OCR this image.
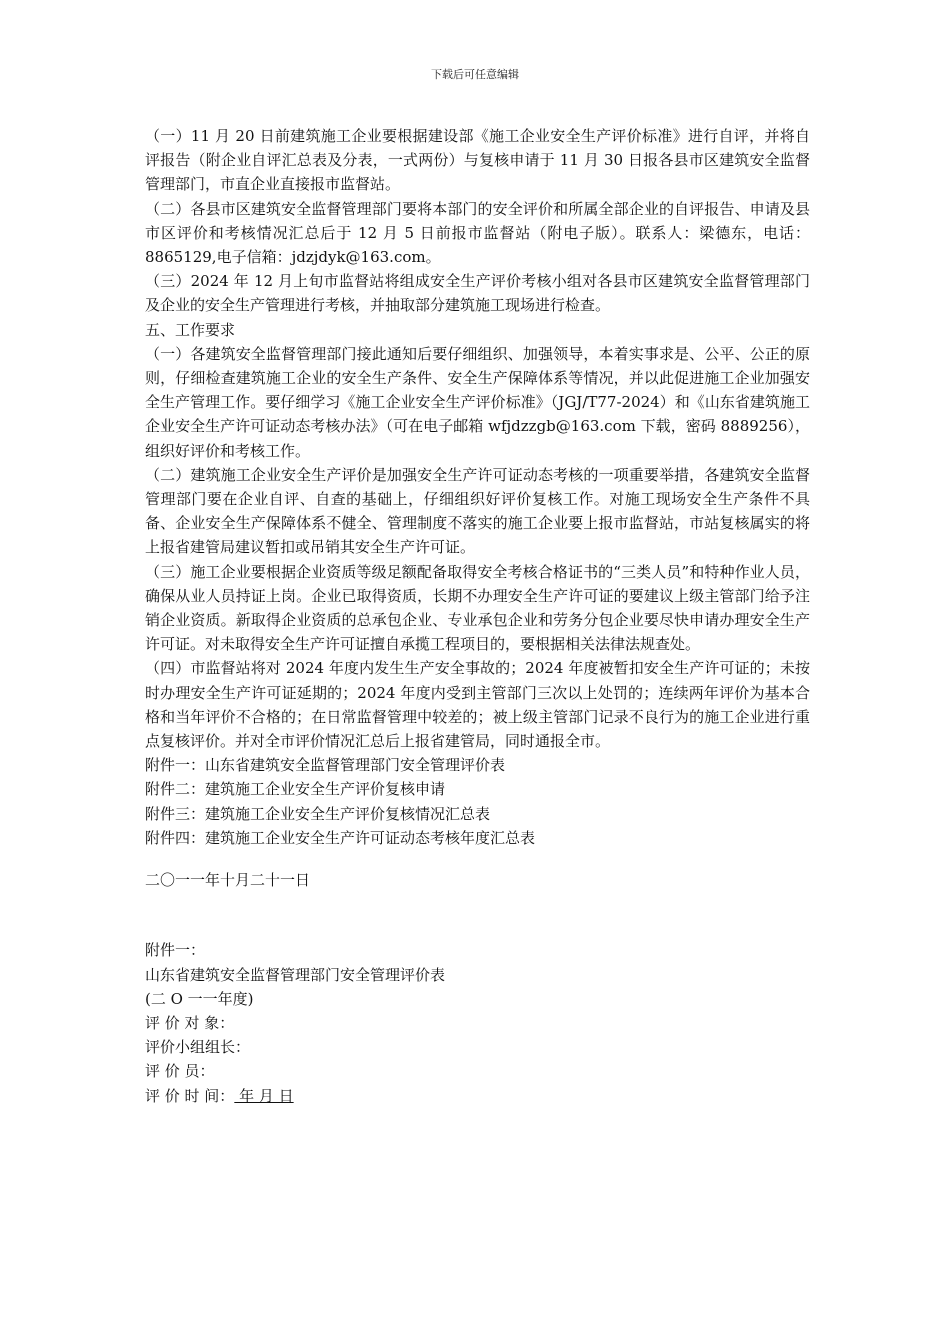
下载后可任意编辑

（一）11 月 20 日前建筑施工企业要根据建设部《施工企业安全生产评价标准》进行自评，并将自评报告（附企业自评汇总表及分表，一式两份）与复核申请于 11 月 30 日报各县市区建筑安全监督管理部门，市直企业直接报市监督站。

（二）各县市区建筑安全监督管理部门要将本部门的安全评价和所属全部企业的自评报告、申请及县市区评价和考核情况汇总后于 12 月 5 日前报市监督站（附电子版）。联系人：梁德东，电话：8865129,电子信箱：jdzjdyk@163.com。

（三）2024 年 12 月上旬市监督站将组成安全生产评价考核小组对各县市区建筑安全监督管理部门及企业的安全生产管理进行考核，并抽取部分建筑施工现场进行检查。

五、工作要求

（一）各建筑安全监督管理部门接此通知后要仔细组织、加强领导，本着实事求是、公平、公正的原则，仔细检查建筑施工企业的安全生产条件、安全生产保障体系等情况，并以此促进施工企业加强安全生产管理工作。要仔细学习《施工企业安全生产评价标准》（JGJ/T77-2024）和《山东省建筑施工企业安全生产许可证动态考核办法》（可在电子邮箱 wfjdzzgb@163.com 下载，密码 8889256），组织好评价和考核工作。

（二）建筑施工企业安全生产评价是加强安全生产许可证动态考核的一项重要举措，各建筑安全监督管理部门要在企业自评、自查的基础上，仔细组织好评价复核工作。对施工现场安全生产条件不具备、企业安全生产保障体系不健全、管理制度不落实的施工企业要上报市监督站，市站复核属实的将上报省建管局建议暂扣或吊销其安全生产许可证。

（三）施工企业要根据企业资质等级足额配备取得安全考核合格证书的“三类人员”和特种作业人员，确保从业人员持证上岗。企业已取得资质，长期不办理安全生产许可证的要建议上级主管部门给予注销企业资质。新取得企业资质的总承包企业、专业承包企业和劳务分包企业要尽快申请办理安全生产许可证。对未取得安全生产许可证擅自承揽工程项目的，要根据相关法律法规查处。

（四）市监督站将对 2024 年度内发生生产安全事故的；2024 年度被暂扣安全生产许可证的；未按时办理安全生产许可证延期的；2024 年度内受到主管部门三次以上处罚的；连续两年评价为基本合格和当年评价不合格的；在日常监督管理中较差的；被上级主管部门记录不良行为的施工企业进行重点复核评价。并对全市评价情况汇总后上报省建管局，同时通报全市。

附件一：山东省建筑安全监督管理部门安全管理评价表

附件二：建筑施工企业安全生产评价复核申请

附件三：建筑施工企业安全生产评价复核情况汇总表

附件四：建筑施工企业安全生产许可证动态考核年度汇总表

二〇一一年十月二十一日

附件一：

山东省建筑安全监督管理部门安全管理评价表

(二 O 一一年度)

评 价 对 象：

评价小组组长：

评 价 员：

评 价 时 间： 年 月 日
